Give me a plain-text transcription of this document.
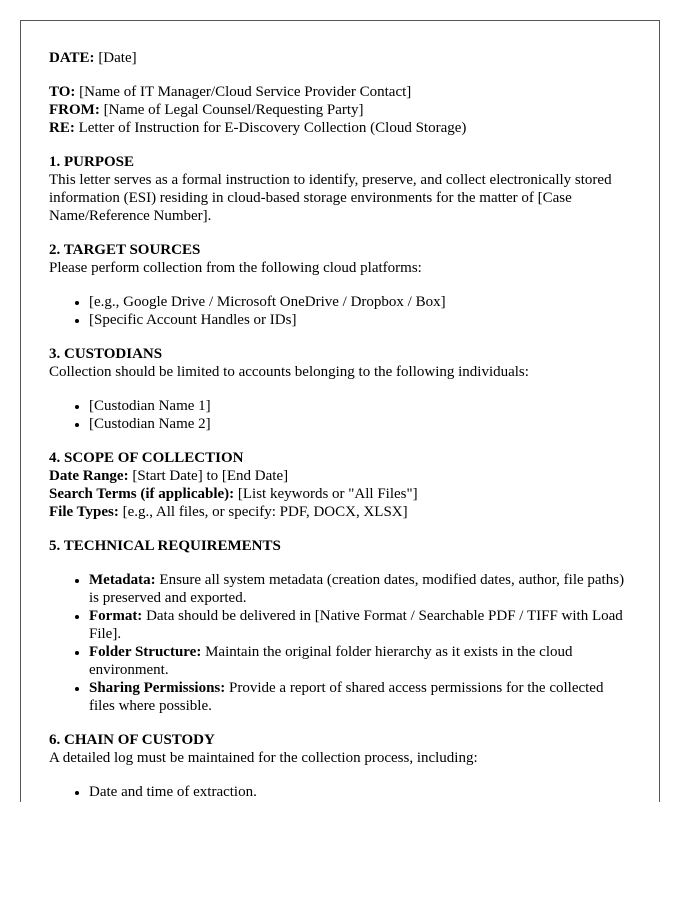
DATE: [Date]

TO: [Name of IT Manager/Cloud Service Provider Contact]

FROM: [Name of Legal Counsel/Requesting Party]

RE: Letter of Instruction for E-Discovery Collection (Cloud Storage)

1. PURPOSE

This letter serves as a formal instruction to identify, preserve, and collect electronically stored information (ESI) residing in cloud-based storage environments for the matter of [Case Name/Reference Number].

2. TARGET SOURCES

Please perform collection from the following cloud platforms:

• [e.g., Google Drive / Microsoft OneDrive / Dropbox / Box]
• [Specific Account Handles or IDs]

3. CUSTODIANS

Collection should be limited to accounts belonging to the following individuals:

• [Custodian Name 1]
• [Custodian Name 2]

4. SCOPE OF COLLECTION

Date Range: [Start Date] to [End Date]

Search Terms (if applicable): [List keywords or "All Files"]

File Types: [e.g., All files, or specify: PDF, DOCX, XLSX]

5. TECHNICAL REQUIREMENTS

• Metadata: Ensure all system metadata (creation dates, modified dates, author, file paths) is preserved and exported.
• Format: Data should be delivered in [Native Format / Searchable PDF / TIFF with Load File].
• Folder Structure: Maintain the original folder hierarchy as it exists in the cloud environment.
• Sharing Permissions: Provide a report of shared access permissions for the collected files where possible.

6. CHAIN OF CUSTODY

A detailed log must be maintained for the collection process, including:

• Date and time of extraction.
